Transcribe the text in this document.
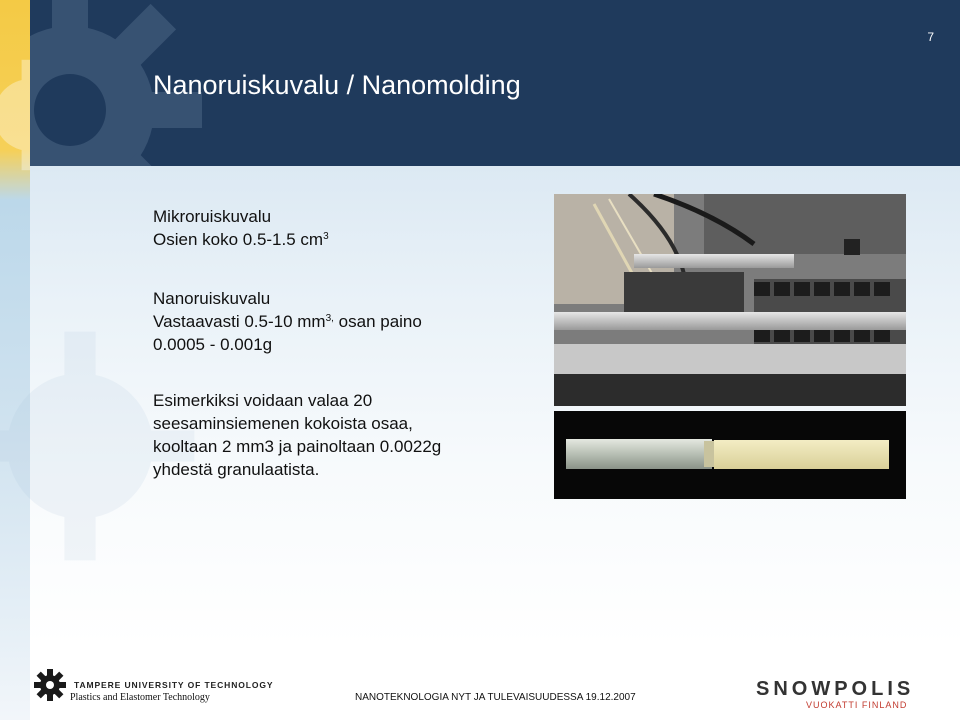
7
Nanoruiskuvalu / Nanomolding

Mikroruiskuvalu

Osien koko 0.5-1.5 $cm^3$

Nanoruiskuvalu

Vastaavasti 0.5-10 $mm^{3,}$ osan paino

0.0005 - 0.001g

Esimerkiksi voidaan valaa 20

seesaminsiemenen kokoista osaa,

kooltaan 2 mm3 ja painoltaan 0.0022g

yhdestä granulaatista.

TAMPERE UNIVERSITY OF TECHNOLOGY
Plastics and Elastomer Technology	NANOTEKNOLOGIA NYT JA TULEVAISUUDESSA 19.12.2007	SNOWPOLIS
VUOKATTI FINLAND
